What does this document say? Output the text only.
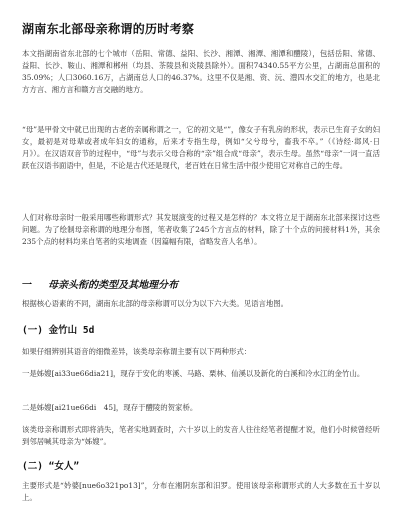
湖南东北部母亲称谓的历时考察

本文指湖南省东北部的七个城市（岳阳、常德、益阳、长沙、湘潭、湘潭、湘潭和醴陵），包括岳阳、常德、益阳、长沙、鞍山、湘潭和郴州（均县、茶陵县和炎陵县除外）。面积74340.55平方公里，占湖南总面积的35.09%；人口3060.16万，占湖南总人口的46.37%。这里不仅是湘、资、沅、澧四水交汇的地方，也是北方方言、湘方言和赣方言交融的地方。

“母”是甲骨文中就已出现的古老的亲属称谓之一，它的初文是“”，像女子有乳房的形状，表示已生育子女的妇女，最初是对母辈或者成年妇女的通称，后来才专指生母，例如“父兮母兮，畜我不卒。”（《诗经·邶风·日月》）。在汉语双音节的过程中，“母”与表示父母合称的“亲”组合成“母亲”，表示生母。虽然“母亲”一词一直活跃在汉语书面语中，但是，不论是古代还是现代，老百姓在日常生活中很少使用它对称自己的生母。

人们对称母亲时一般采用哪些称谓形式？其发展演变的过程又是怎样的？本文将立足于湖南东北部来探讨这些问题。为了绘制母亲称谓的地理分布图，笔者收集了245个方言点的材料，除了十个点的问接材料1外，其余235个点的材料均来自笔者的实地调查（因篇幅有限，省略发音人名单）。

一 母亲头衔的类型及其地理分布

根据核心语素的不同，湖南东北部的母亲称谓可以分为以下六大类。见语言地图。

(一) 金竹山 5d

如果仔细辨别其语音的细微差异，该类母亲称谓主要有以下两种形式：

一是姊嫂[ai33ue66dia21]，现存于安化的枣溪、马路、栗林、仙溪以及新化的白溪和冷水江的金竹山。

二是姊嫂[ai21ue66di　45]，现存于醴陵的贺家桥。

该类母亲称谓形式即将消失，笔者实地调查时，六十岁以上的发音人往往经笔者提醒才说，他们小时候曾经听到邻居喊其母亲为“姊嫂”。

(二) “女人”

主要形式是“妗婆[nue6o321po13]”，分布在湘阴东部和汨罗。使用该母亲称谓形式的人大多数在五十岁以上。
